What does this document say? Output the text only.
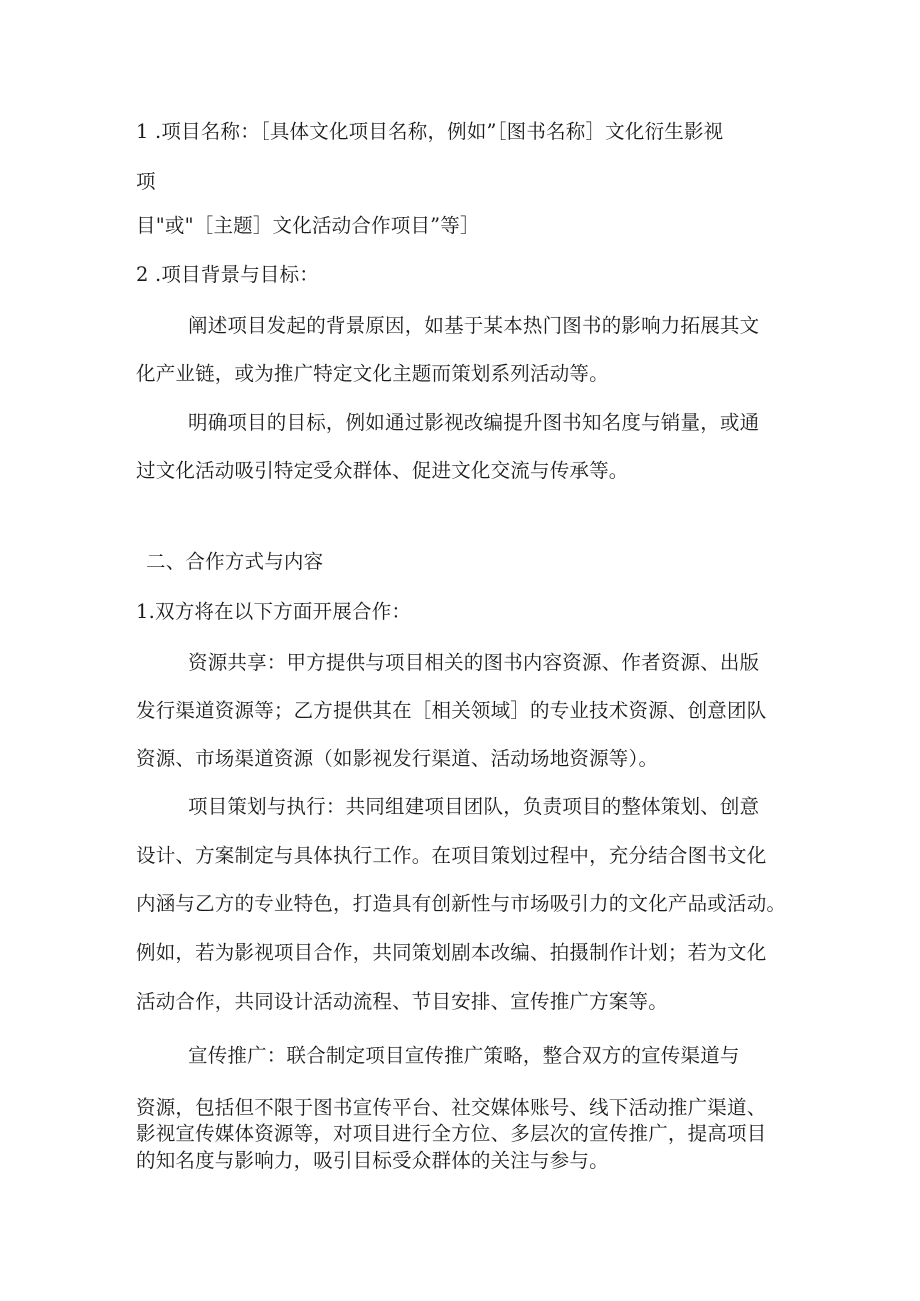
1 .项目名称：［具体文化项目名称，例如”［图书名称］文化衍生影视
项
目"或"［主题］文化活动合作项目”等］
2 .项目背景与目标：
阐述项目发起的背景原因，如基于某本热门图书的影响力拓展其文
化产业链，或为推广特定文化主题而策划系列活动等。
明确项目的目标，例如通过影视改编提升图书知名度与销量，或通
过文化活动吸引特定受众群体、促进文化交流与传承等。
二、合作方式与内容
1.双方将在以下方面开展合作：
资源共享：甲方提供与项目相关的图书内容资源、作者资源、出版
发行渠道资源等；乙方提供其在［相关领域］的专业技术资源、创意团队
资源、市场渠道资源（如影视发行渠道、活动场地资源等）。
项目策划与执行：共同组建项目团队，负责项目的整体策划、创意
设计、方案制定与具体执行工作。在项目策划过程中，充分结合图书文化
内涵与乙方的专业特色，打造具有创新性与市场吸引力的文化产品或活动。
例如，若为影视项目合作，共同策划剧本改编、拍摄制作计划；若为文化
活动合作，共同设计活动流程、节目安排、宣传推广方案等。
宣传推广：联合制定项目宣传推广策略，整合双方的宣传渠道与
资源，包括但不限于图书宣传平台、社交媒体账号、线下活动推广渠道、
影视宣传媒体资源等，对项目进行全方位、多层次的宣传推广，提高项目
的知名度与影响力，吸引目标受众群体的关注与参与。
